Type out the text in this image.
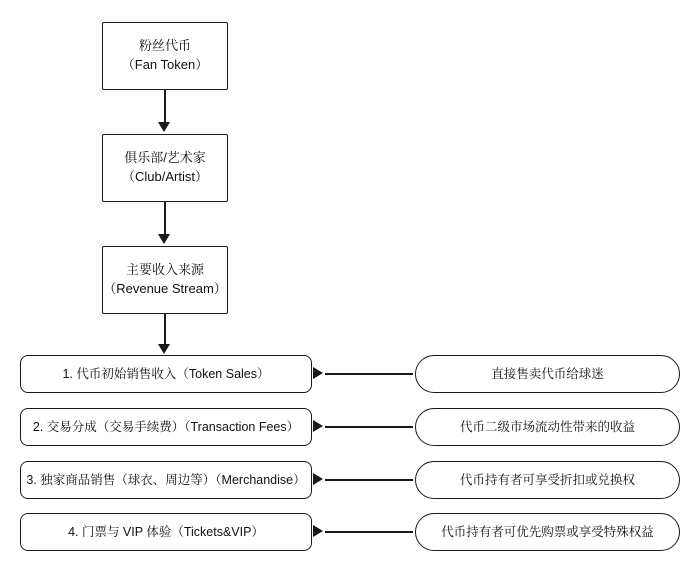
粉丝代币
（Fan Token）
俱乐部/艺术家
（Club/Artist）
主要收入来源
（Revenue Stream）
1. 代币初始销售收入（Token Sales）
2. 交易分成（交易手续费）（Transaction Fees）
3. 独家商品销售（球衣、周边等）（Merchandise）
4. 门票与 VIP 体验（Tickets&VIP）
直接售卖代币给球迷
代币二级市场流动性带来的收益
代币持有者可享受折扣或兑换权
代币持有者可优先购票或享受特殊权益
